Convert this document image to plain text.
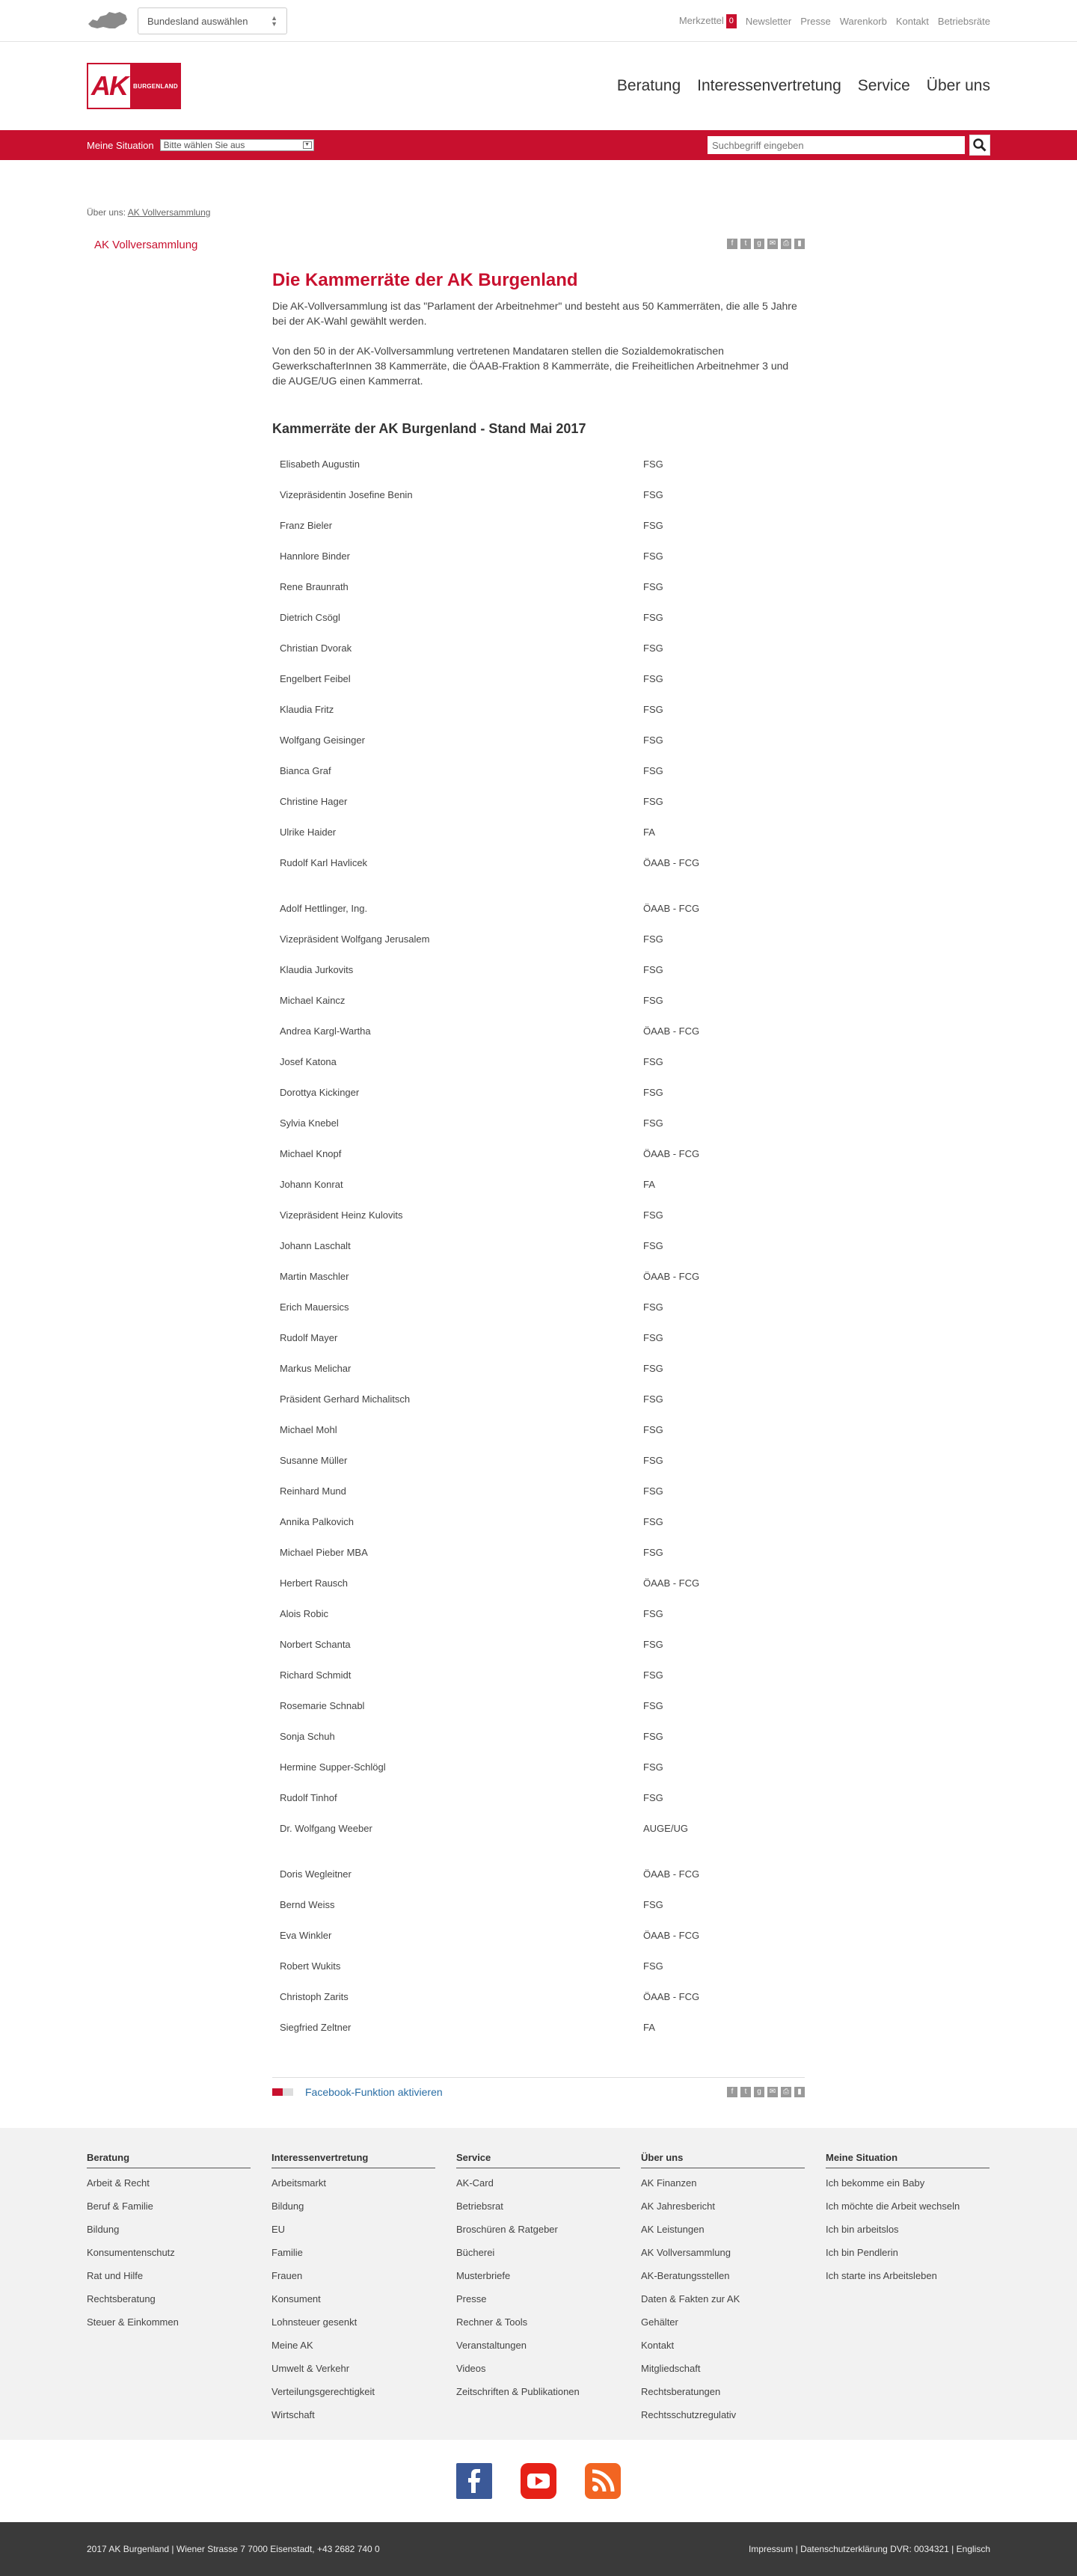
Bundesland auswählen	▲
▼	Merkzettel 0	Newsletter Presse Warenkorb Kontakt Betriebsräte
AK	BURGENLAND	Beratung Interessenvertretung Service Über uns
Meine Situation Bitte wählen Sie aus	▼
Suchbegriff eingeben
Über uns: AK Vollversammlung
AK Vollversammlung	f	t	g	✉ ⎙	▮
Die Kammerräte der AK Burgenland

Die AK-Vollversammlung ist das "Parlament der Arbeitnehmer" und besteht aus 50 Kammerräten, die alle 5 Jahre bei der AK-Wahl gewählt werden.

Von den 50 in der AK-Vollversammlung vertretenen Mandataren stellen die Sozialdemokratischen GewerkschafterInnen 38 Kammerräte, die ÖAAB-Fraktion 8 Kammerräte, die Freiheitlichen Arbeitnehmer 3 und die AUGE/UG einen Kammerrat.

Kammerräte der AK Burgenland - Stand Mai 2017
Elisabeth Augustin	FSG
Vizepräsidentin Josefine Benin	FSG
Franz Bieler	FSG
Hannlore Binder	FSG
Rene Braunrath	FSG
Dietrich Csögl	FSG
Christian Dvorak	FSG
Engelbert Feibel	FSG
Klaudia Fritz	FSG
Wolfgang Geisinger	FSG
Bianca Graf	FSG
Christine Hager	FSG
Ulrike Haider	FA
Rudolf Karl Havlicek	ÖAAB - FCG

Adolf Hettlinger, Ing.	ÖAAB - FCG
Vizepräsident Wolfgang Jerusalem	FSG
Klaudia Jurkovits	FSG
Michael Kaincz	FSG
Andrea Kargl-Wartha	ÖAAB - FCG
Josef Katona	FSG
Dorottya Kickinger	FSG
Sylvia Knebel	FSG
Michael Knopf	ÖAAB - FCG
Johann Konrat	FA
Vizepräsident Heinz Kulovits	FSG
Johann Laschalt	FSG
Martin Maschler	ÖAAB - FCG
Erich Mauersics	FSG
Rudolf Mayer	FSG
Markus Melichar	FSG
Präsident Gerhard Michalitsch	FSG
Michael Mohl	FSG
Susanne Müller	FSG
Reinhard Mund	FSG
Annika Palkovich	FSG
Michael Pieber MBA	FSG
Herbert Rausch	ÖAAB - FCG
Alois Robic	FSG
Norbert Schanta	FSG
Richard Schmidt	FSG
Rosemarie Schnabl	FSG
Sonja Schuh	FSG
Hermine Supper-Schlögl	FSG
Rudolf Tinhof	FSG
Dr. Wolfgang Weeber	AUGE/UG

Doris Wegleitner	ÖAAB - FCG
Bernd Weiss	FSG
Eva Winkler	ÖAAB - FCG
Robert Wukits	FSG
Christoph Zarits	ÖAAB - FCG
Siegfried Zeltner	FA
Facebook-Funktion aktivieren	f	t	g	✉ ⎙	▮
Beratung
Arbeit & Recht
Beruf & Familie
Bildung
Konsumentenschutz
Rat und Hilfe
Rechtsberatung
Steuer & Einkommen
Interessenvertretung
Arbeitsmarkt
Bildung
EU
Familie
Frauen
Konsument
Lohnsteuer gesenkt
Meine AK
Umwelt & Verkehr
Verteilungsgerechtigkeit
Wirtschaft
Service
AK-Card
Betriebsrat
Broschüren & Ratgeber
Bücherei
Musterbriefe
Presse
Rechner & Tools
Veranstaltungen
Videos
Zeitschriften & Publikationen
Über uns
AK Finanzen
AK Jahresbericht
AK Leistungen
AK Vollversammlung
AK-Beratungsstellen
Daten & Fakten zur AK
Gehälter
Kontakt
Mitgliedschaft
Rechtsberatungen
Rechtsschutzregulativ
Meine Situation
Ich bekomme ein Baby
Ich möchte die Arbeit wechseln
Ich bin arbeitslos
Ich bin Pendlerin
Ich starte ins Arbeitsleben
2017 AK Burgenland | Wiener Strasse 7 7000 Eisenstadt, +43 2682 740 0	Impressum | Datenschutzerklärung DVR: 0034321 | Englisch
